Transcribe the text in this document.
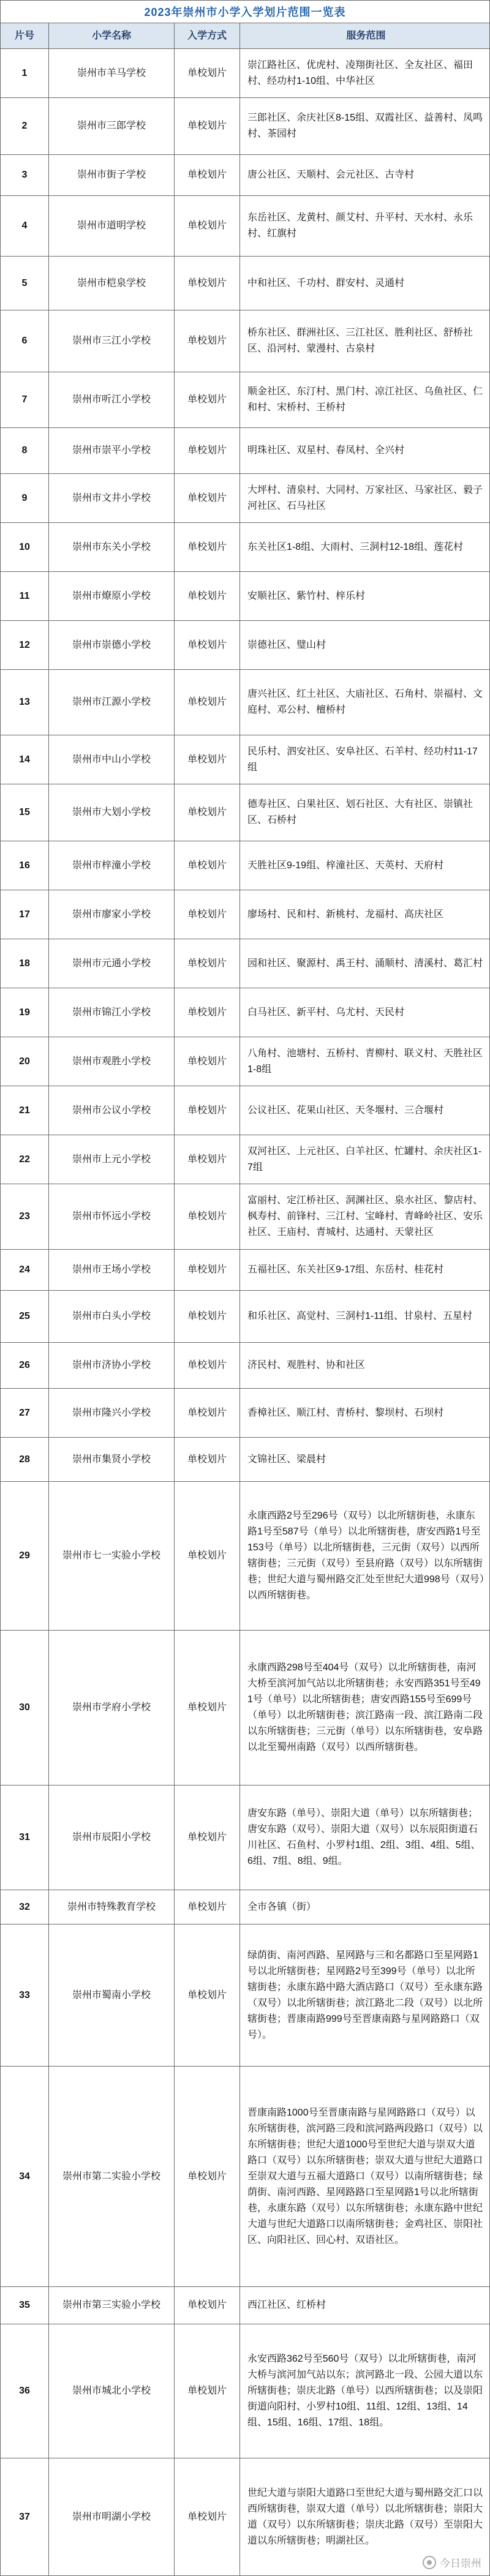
2023年崇州市小学入学划片范围一览表
片号	小学名称	入学方式	服务范围
1	崇州市羊马学校	单校划片
崇江路社区、优虎村、凌翔街社区、全友社区、福田村、经功村1-10组、中华社区
2	崇州市三郎学校	单校划片
三郎社区、余庆社区8-15组、双霞社区、益善村、凤鸣村、茶园村
3	崇州市街子学校	单校划片	唐公社区、天顺村、会元社区、古寺村
4	崇州市道明学校	单校划片
东岳社区、龙黄村、颜艾村、升平村、天水村、永乐村、红旗村
5	崇州市桤泉学校	单校划片	中和社区、千功村、群安村、灵通村
6	崇州市三江小学校	单校划片
桥东社区、群洲社区、三江社区、胜利社区、舒桥社区、沿河村、蒙漫村、古泉村
7	崇州市听江小学校	单校划片
顺金社区、东汀村、黑门村、凉江社区、乌鱼社区、仁和村、宋桥村、王桥村
8	崇州市崇平小学校	单校划片	明珠社区、双星村、春凤村、全兴村
9	崇州市文井小学校	单校划片
大坪村、清泉村、大同村、万家社区、马家社区、毅子河社区、石马社区
10	崇州市东关小学校	单校划片	东关社区1-8组、大雨村、三洞村12-18组、莲花村
11	崇州市燎原小学校	单校划片	安顺社区、紫竹村、梓乐村
12	崇州市崇德小学校	单校划片	崇德社区、璧山村
13	崇州市江源小学校	单校划片
唐兴社区、红土社区、大庙社区、石角村、崇福村、文庭村、邓公村、檀桥村
14	崇州市中山小学校	单校划片
民乐村、泗安社区、安阜社区、石羊村、经功村11-17组
15	崇州市大划小学校	单校划片
德寿社区、白果社区、划石社区、大有社区、崇镇社区、石桥村
16	崇州市梓潼小学校	单校划片	天胜社区9-19组、梓潼社区、天英村、天府村
17	崇州市廖家小学校	单校划片	廖场村、民和村、新桃村、龙福村、高庆社区
18	崇州市元通小学校	单校划片	园和社区、聚源村、禹王村、涌顺村、清溪村、葛汇村
19	崇州市锦江小学校	单校划片	白马社区、新平村、乌尤村、天民村
20	崇州市观胜小学校	单校划片
八角村、池塘村、五桥村、青柳村、联义村、天胜社区1-8组
21	崇州市公议小学校	单校划片	公议社区、花果山社区、天冬堰村、三合堰村
22	崇州市上元小学校	单校划片
双河社区、上元社区、白羊社区、忙罐村、余庆社区1-7组
23	崇州市怀远小学校	单校划片
富丽村、定江桥社区、洞渊社区、泉水社区、黎店村、枫寿村、前锋村、三江村、宝峰村、青峰岭社区、安乐社区、王庙村、青城村、达通村、天蒙社区
24	崇州市王场小学校	单校划片	五福社区、东关社区9-17组、东岳村、桂花村
25	崇州市白头小学校	单校划片	和乐社区、高觉村、三洞村1-11组、甘泉村、五星村
26	崇州市济协小学校	单校划片	济民村、观胜村、协和社区
27	崇州市隆兴小学校	单校划片	香樟社区、顺江村、青桥村、黎坝村、石坝村
28	崇州市集贤小学校	单校划片	文锦社区、梁晨村
29	崇州市七一实验小学校	单校划片
永康西路2号至296号（双号）以北所辖街巷，永康东路1号至587号（单号）以北所辖街巷，唐安西路1号至153号（单号）以北所辖街巷，三元街（双号）以西所辖街巷；三元街（双号）至县府路（双号）以东所辖街巷；世纪大道与蜀州路交汇处至世纪大道998号（双号）以西所辖街巷。
30	崇州市学府小学校	单校划片
永康西路298号至404号（双号）以北所辖街巷，南河大桥至滨河加气站以北所辖街巷；永安西路351号至491号（单号）以北所辖街巷；唐安西路155号至699号（单号）以北所辖街巷；滨江路南一段、滨江路南二段以东所辖街巷；三元街（单号）以东所辖街巷，安阜路以北至蜀州南路（双号）以西所辖街巷。
31	崇州市辰阳小学校	单校划片
唐安东路（单号）、崇阳大道（单号）以东所辖街巷；唐安东路（双号）、崇阳大道（双号）以东辰阳街道石川社区、石鱼村、小罗村1组、2组、3组、4组、5组、6组、7组、8组、9组。
32	崇州市特殊教育学校	单校划片	全市各镇（街）
33	崇州市蜀南小学校	单校划片
绿荫街、南河西路、星网路与三和名都路口至星网路1号以北所辖街巷；星网路2号至399号（单号）以北所辖街巷；永康东路中路大酒店路口（双号）至永康东路（双号）以北所辖街巷；滨江路北二段（双号）以北所辖街巷；晋康南路999号至晋康南路与星网路路口（双号）。
34	崇州市第二实验小学校	单校划片
晋康南路1000号至晋康南路与星网路路口（双号）以东所辖街巷，滨河路三段和滨河路两段路口（双号）以东所辖街巷；世纪大道1000号至世纪大道与崇双大道路口（双号）以东所辖街巷；崇双大道与世纪大道路口至崇双大道与五福大道路口（双号）以南所辖街巷；绿荫街、南河西路、星网路路口至星网路1号以北所辖街巷，永康东路（双号）以东所辖街巷；永康东路中世纪大道与世纪大道路口以南所辖街巷；金鸡社区、崇阳社区、向阳社区、回心村、双语社区。
35	崇州市第三实验小学校	单校划片	西江社区、红桥村
36	崇州市城北小学校	单校划片
永安西路362号至560号（双号）以北所辖街巷，南河大桥与滨河加气站以东；滨河路北一段、公园大道以东所辖街巷；崇庆北路（单号）以西所辖街巷；以及崇阳街道向阳村、小罗村10组、11组、12组、13组、14组、15组、16组、17组、18组。
37	崇州市明湖小学校	单校划片
世纪大道与崇阳大道路口至世纪大道与蜀州路交汇口以西所辖街巷，崇双大道（单号）以北所辖街巷；崇阳大道（双号）以东所辖街巷；崇庆北路（双号）至崇阳大道以东所辖街巷；明湖社区。
今日崇州
